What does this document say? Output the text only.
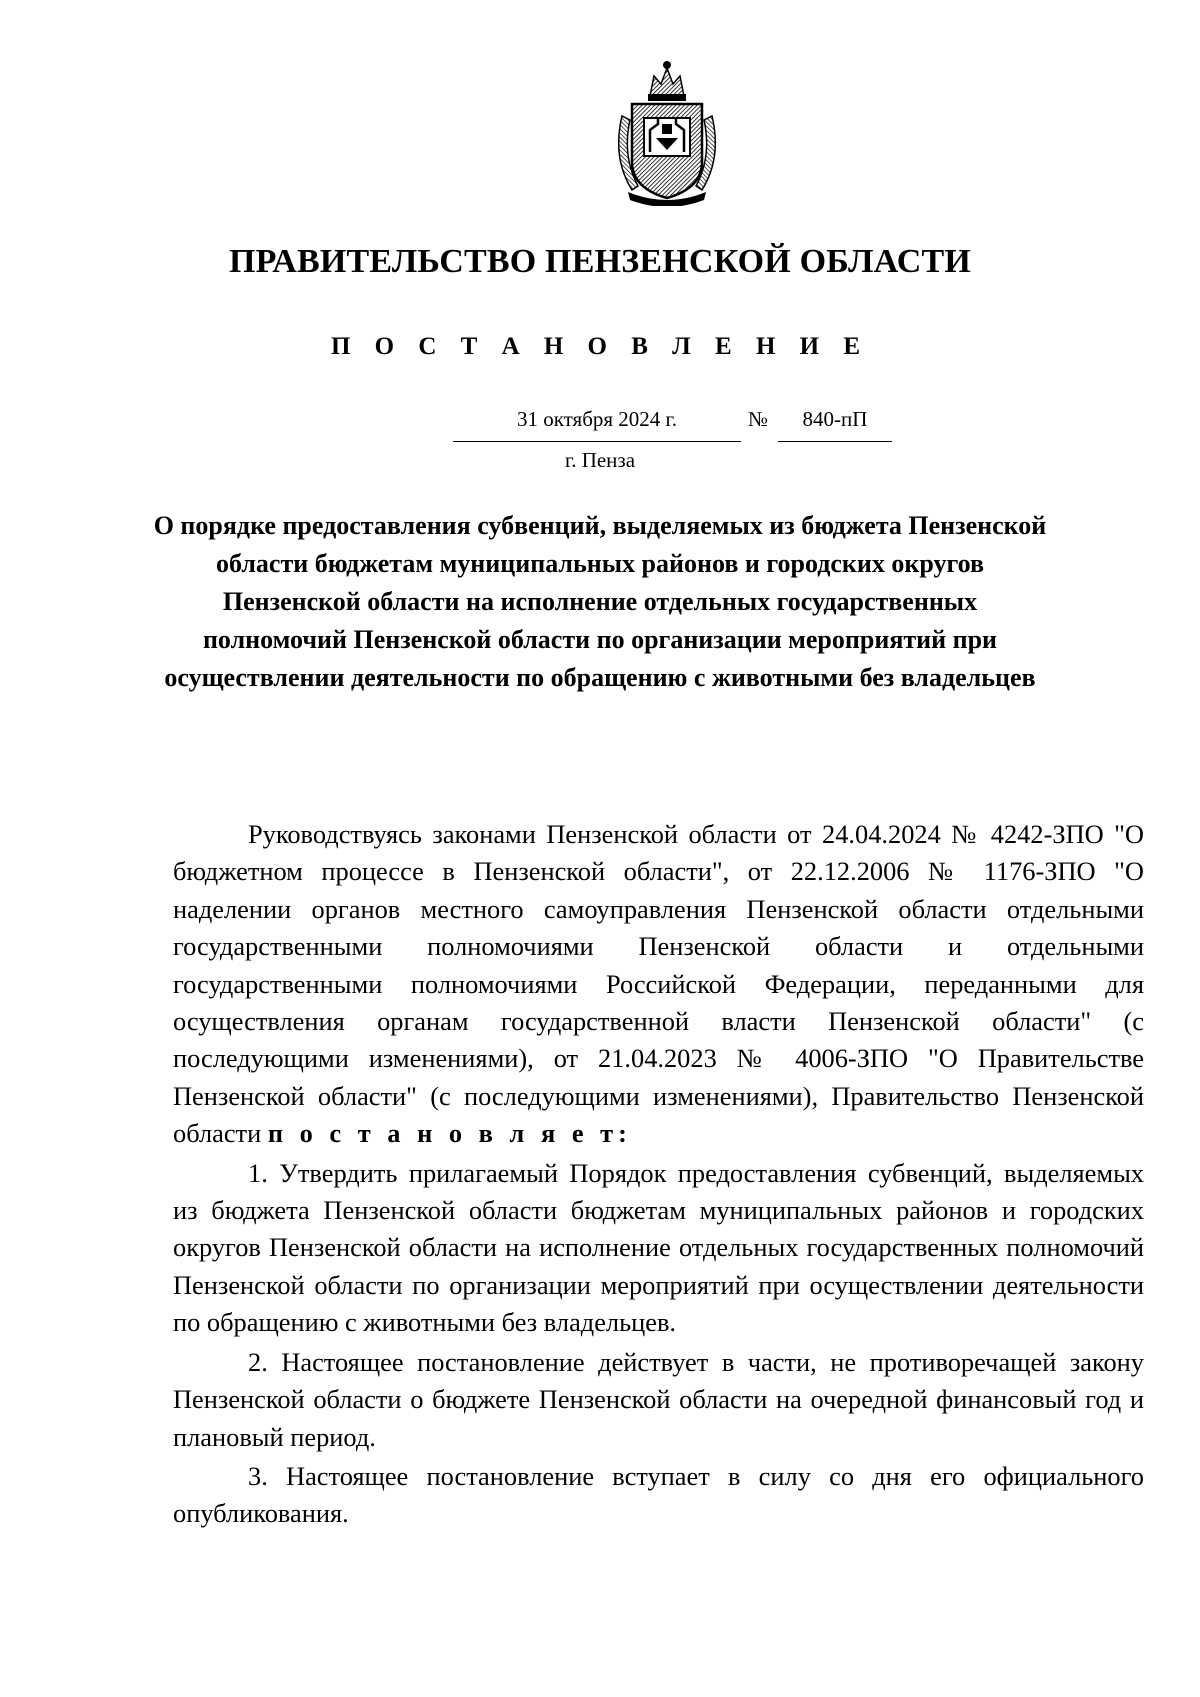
ПРАВИТЕЛЬСТВО ПЕНЗЕНСКОЙ ОБЛАСТИ
П О С Т А Н О В Л Е Н И Е
31 октября 2024 г.	№	840-пП
г. Пенза

О порядке предоставления субвенций, выделяемых из бюджета Пензенской области бюджетам муниципальных районов и городских округов Пензенской области на исполнение отдельных государственных полномочий Пензенской области по организации мероприятий при осуществлении деятельности по обращению с животными без владельцев

Руководствуясь законами Пензенской области от 24.04.2024 № 4242-ЗПО "О бюджетном процессе в Пензенской области", от 22.12.2006 № 1176-ЗПО "О наделении органов местного самоуправления Пензенской области отдельными государственными полномочиями Пензенской области и отдельными государственными полномочиями Российской Федерации, переданными для осуществления органам государственной власти Пензенской области" (с последующими изменениями), от 21.04.2023 № 4006-ЗПО "О Правительстве Пензенской области" (с последующими изменениями), Правительство Пензенской области п о с т а н о в л я е т:

1. Утвердить прилагаемый Порядок предоставления субвенций, выделяемых из бюджета Пензенской области бюджетам муниципальных районов и городских округов Пензенской области на исполнение отдельных государственных полномочий Пензенской области по организации мероприятий при осуществлении деятельности по обращению с животными без владельцев.

2. Настоящее постановление действует в части, не противоречащей закону Пензенской области о бюджете Пензенской области на очередной финансовый год и плановый период.

3. Настоящее постановление вступает в силу со дня его официального опубликования.
